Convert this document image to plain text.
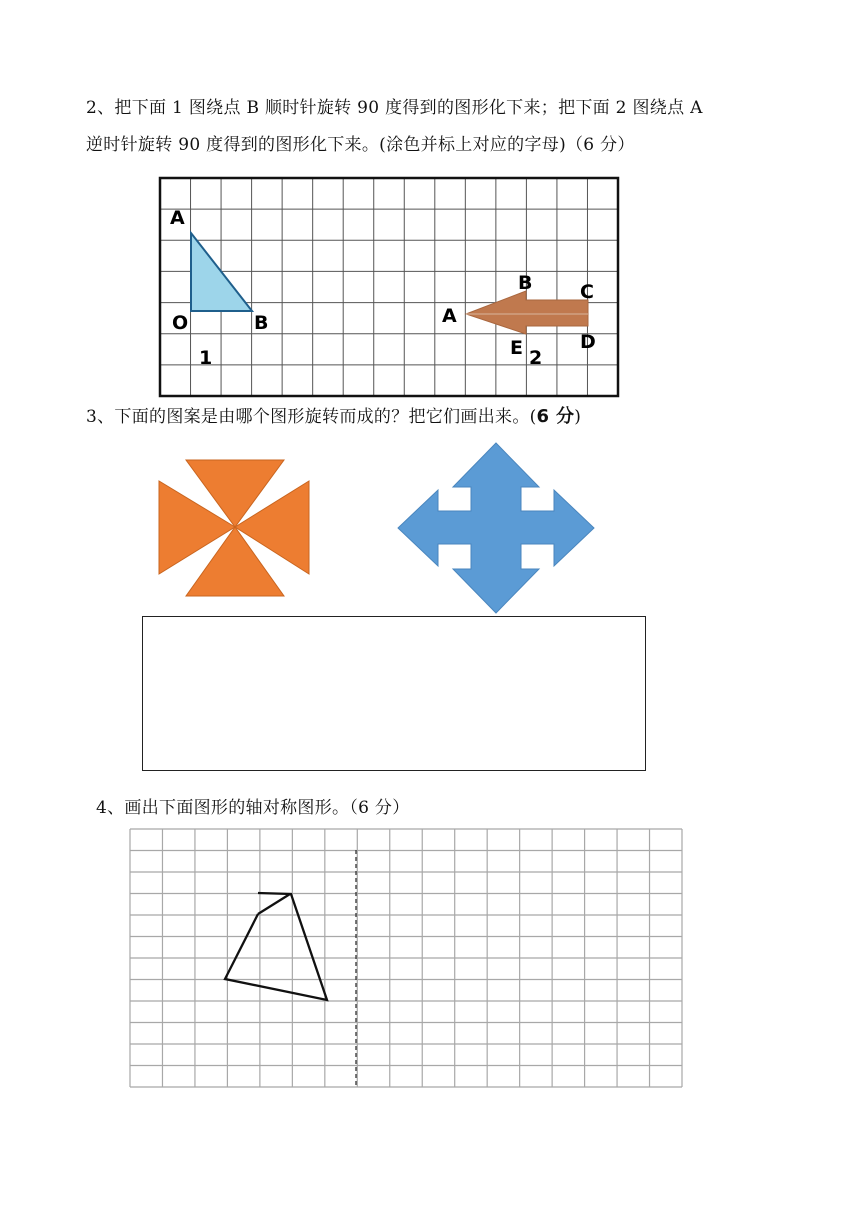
2、把下面 1 图绕点 B 顺时针旋转 90 度得到的图形化下来；把下面 2 图绕点 A
逆时针旋转 90 度得到的图形化下来。(涂色并标上对应的字母)（6 分）
A
O	B
1
A
B	C
D
E 2
3、下面的图案是由哪个图形旋转而成的？把它们画出来。(6 分)
4、画出下面图形的轴对称图形。（6 分）
